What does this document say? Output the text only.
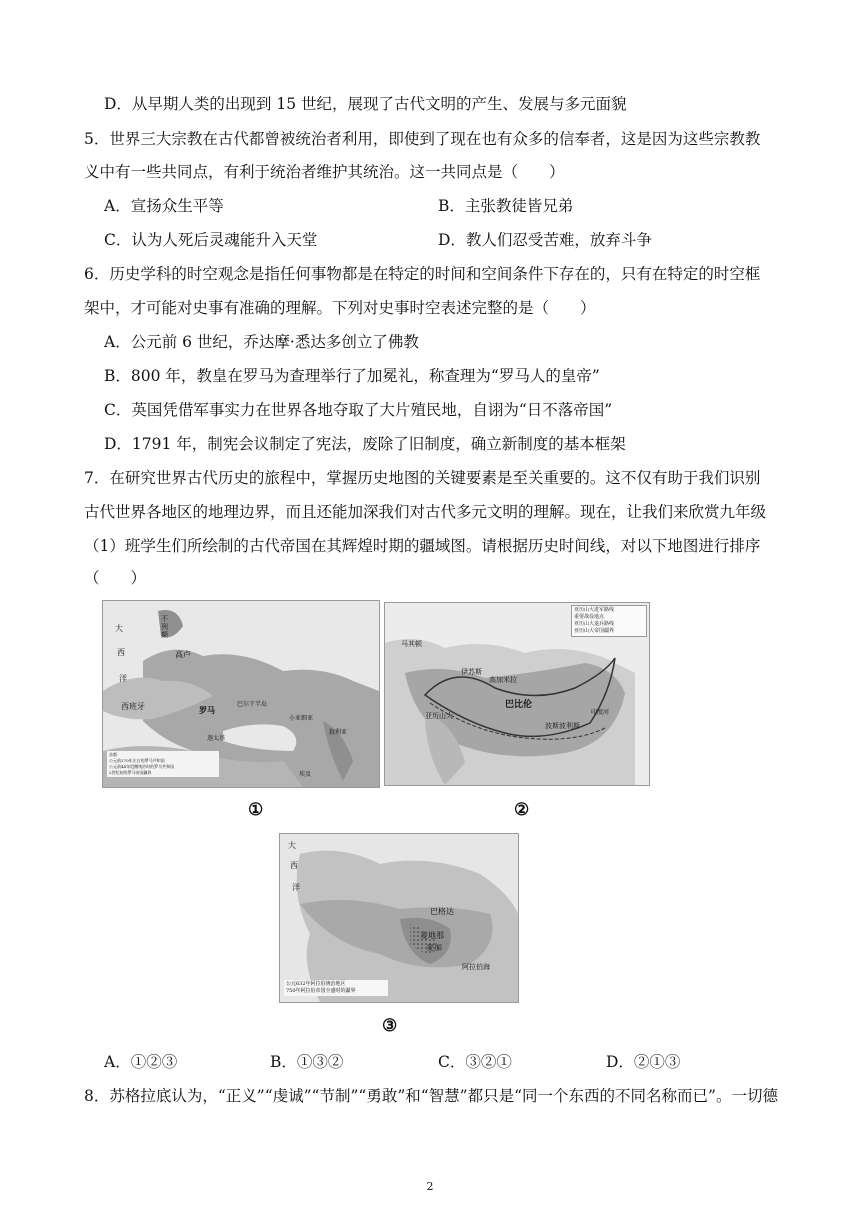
D．从早期人类的出现到 15 世纪，展现了古代文明的产生、发展与多元面貌
5．世界三大宗教在古代都曾被统治者利用，即使到了现在也有众多的信奉者，这是因为这些宗教教
义中有一些共同点，有利于统治者维护其统治。这一共同点是（　　）
A．宣扬众生平等	B．主张教徒皆兄弟
C．认为人死后灵魂能升入天堂	D．教人们忍受苦难，放弃斗争
6．历史学科的时空观念是指任何事物都是在特定的时间和空间条件下存在的，只有在特定的时空框
架中，才可能对史事有准确的理解。下列对史事时空表述完整的是（　　）
A．公元前 6 世纪，乔达摩·悉达多创立了佛教
B．800 年，教皇在罗马为查理举行了加冕礼，称查理为“罗马人的皇帝”
C．英国凭借军事实力在世界各地夺取了大片殖民地，自诩为“日不落帝国”
D．1791 年，制宪会议制定了宪法，废除了旧制度，确立新制度的基本框架
7．在研究世界古代历史的旅程中，掌握历史地图的关键要素是至关重要的。这不仅有助于我们识别
古代世界各地区的地理边界，而且还能加深我们对古代多元文明的理解。现在，让我们来欣赏九年级
（1）班学生们所绘制的古代帝国在其辉煌时期的疆域图。请根据历史时间线，对以下地图进行排序
（　　）
大
西
洋
不列颠
高卢
西班牙	罗马
巴尔干半岛
小亚细亚
迦太基
埃及
叙利亚
首都
公元前270年左右的罗马共和国
公元前44年恺撒统治时的罗马共和国
2世纪初的罗马帝国疆界
马其顿
伊苏斯
高加米拉
巴比伦
亚历山大
波斯波利斯
印度河
亚历山大进军路线
重要战役地点
亚历山大退兵路线
亚历山大帝国疆界
①	②
大
西
洋
巴格达
麦地那
麦加
阿拉伯海
公元632年阿拉伯统治地区
750年阿拉伯帝国全盛时的疆界
③
A．①②③	B．①③②	C．③②①	D．②①③
8．苏格拉底认为，“正义”“虔诚”“节制”“勇敢”和“智慧”都只是“同一个东西的不同名称而已”。一切德
2
